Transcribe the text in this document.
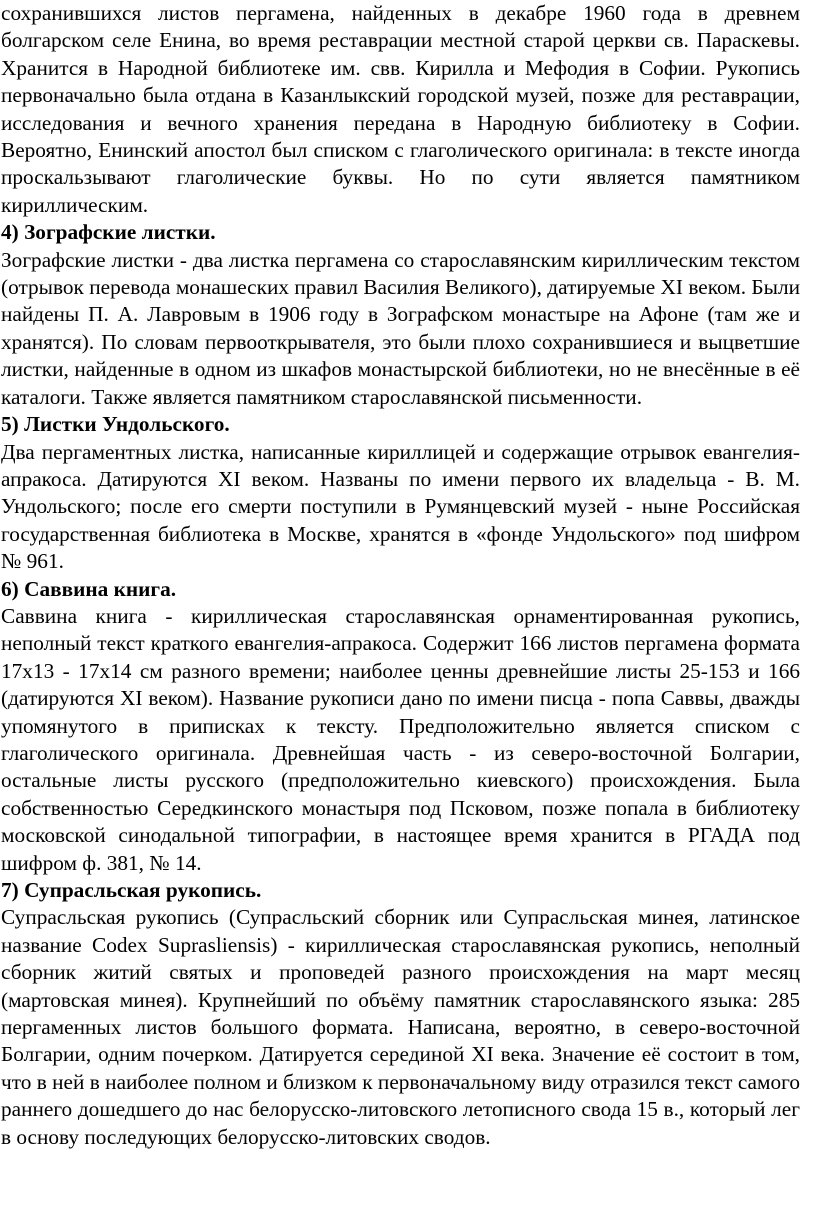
сохранившихся листов пергамена, найденных в декабре 1960 года в древнем болгарском селе Енина, во время реставрации местной старой церкви св. Параскевы. Хранится в Народной библиотеке им. свв. Кирилла и Мефодия в Софии. Рукопись первоначально была отдана в Казанлыкский городской музей, позже для реставрации, исследования и вечного хранения передана в Народную библиотеку в Софии. Вероятно, Енинский апостол был списком с глаголического оригинала: в тексте иногда проскальзывают глаголические буквы. Но по сути является памятником кириллическим.

4) Зографские листки.

Зографские листки - два листка пергамена со старославянским кириллическим текстом (отрывок перевода монашеских правил Василия Великого), датируемые XI веком. Были найдены П. А. Лавровым в 1906 году в Зографском монастыре на Афоне (там же и хранятся). По словам первооткрывателя, это были плохо сохранившиеся и выцветшие листки, найденные в одном из шкафов монастырской библиотеки, но не внесённые в её каталоги. Также является памятником старославянской письменности.

5) Листки Ундольского.

Два пергаментных листка, написанные кириллицей и содержащие отрывок евангелия-апракоса. Датируются XI веком. Названы по имени первого их владельца - В. М. Ундольского; после его смерти поступили в Румянцевский музей - ныне Российская государственная библиотека в Москве, хранятся в «фонде Ундольского» под шифром № 961.

6) Саввина книга.

Саввина книга - кириллическая старославянская орнаментированная рукопись, неполный текст краткого евангелия-апракоса. Содержит 166 листов пергамена формата 17x13 - 17x14 см разного времени; наиболее ценны древнейшие листы 25-153 и 166 (датируются XI веком). Название рукописи дано по имени писца - попа Саввы, дважды упомянутого в приписках к тексту. Предположительно является списком с глаголического оригинала. Древнейшая часть - из северо-восточной Болгарии, остальные листы русского (предположительно киевского) происхождения. Была собственностью Середкинского монастыря под Псковом, позже попала в библиотеку московской синодальной типографии, в настоящее время хранится в РГАДА под шифром ф. 381, № 14.

7) Супрасльская рукопись.

Супрасльская рукопись (Супрасльский сборник или Супрасльская минея, латинское название Codex Suprasliensis) - кириллическая старославянская рукопись, неполный сборник житий святых и проповедей разного происхождения на март месяц (мартовская минея). Крупнейший по объёму памятник старославянского языка: 285 пергаменных листов большого формата. Написана, вероятно, в северо-восточной Болгарии, одним почерком. Датируется серединой XI века. Значение её состоит в том, что в ней в наиболее полном и близком к первоначальному виду отразился текст самого раннего дошедшего до нас белорусско-литовского летописного свода 15 в., который лег в основу последующих белорусско-литовских сводов.
